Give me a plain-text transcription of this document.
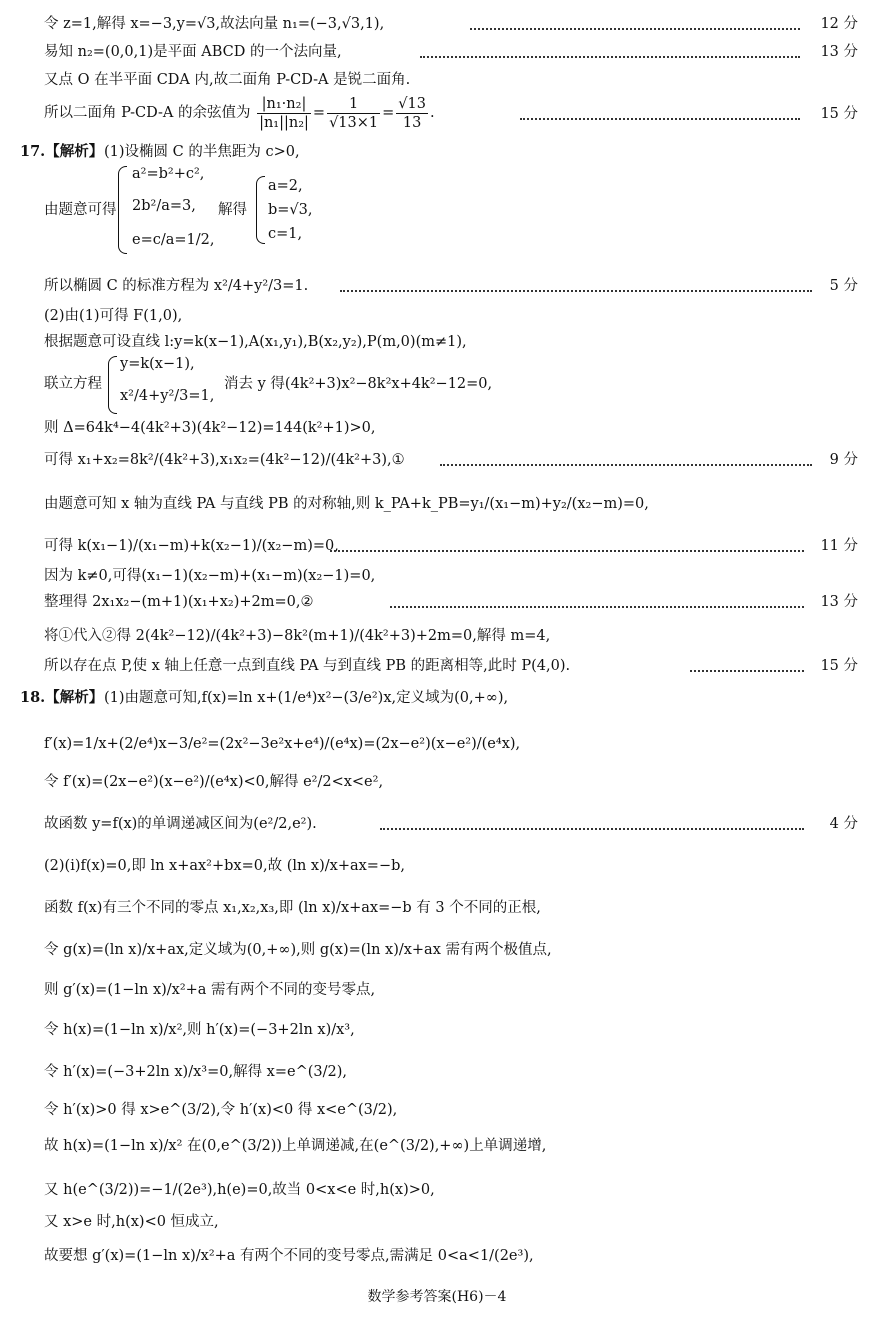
令 z=1,解得 x=−3,y=√3,故法向量 n₁=(−3,√3,1),	12 分
易知 n₂=(0,0,1)是平面 ABCD 的一个法向量,	13 分
又点 O 在半平面 CDA 内,故二面角 P-CD-A 是锐二面角.
所以二面角 P-CD-A 的余弦值为 $\frac{\text{|n₁·n₂|}}{\text{|n₁||n₂|}} = \frac{1}{√13\times 1} = \frac{√13}{13}$ .	15 分
17.【解析】 (1)设椭圆 C 的半焦距为 c>0,
由题意可得
a²=b²+c²,
2b²/a=3,
e=c/a=1/2,
解得
a=2,
b=√3,
c=1,
所以椭圆 C 的标准方程为 x²/4+y²/3=1.	5 分
(2)由(1)可得 F(1,0),
根据题意可设直线 l:y=k(x−1),A(x₁,y₁),B(x₂,y₂),P(m,0)(m≠1),
联立方程
y=k(x−1),
x²/4+y²/3=1,
消去 y 得(4k²+3)x²−8k²x+4k²−12=0,
则 Δ=64k⁴−4(4k²+3)(4k²−12)=144(k²+1)>0,
可得 x₁+x₂=8k²/(4k²+3),x₁x₂=(4k²−12)/(4k²+3),①	9 分
由题意可知 x 轴为直线 PA 与直线 PB 的对称轴,则 k_PA+k_PB=y₁/(x₁−m)+y₂/(x₂−m)=0,
可得 k(x₁−1)/(x₁−m)+k(x₂−1)/(x₂−m)=0,	11 分
因为 k≠0,可得(x₁−1)(x₂−m)+(x₁−m)(x₂−1)=0,
整理得 2x₁x₂−(m+1)(x₁+x₂)+2m=0,②	13 分
将①代入②得 2(4k²−12)/(4k²+3)−8k²(m+1)/(4k²+3)+2m=0,解得 m=4,
所以存在点 P,使 x 轴上任意一点到直线 PA 与到直线 PB 的距离相等,此时 P(4,0).	15 分
18.【解析】 (1)由题意可知,f(x)=ln x+(1/e⁴)x²−(3/e²)x,定义域为(0,+∞),
f′(x)=1/x+(2/e⁴)x−3/e²=(2x²−3e²x+e⁴)/(e⁴x)=(2x−e²)(x−e²)/(e⁴x),
令 f′(x)=(2x−e²)(x−e²)/(e⁴x)<0,解得 e²/2<x<e²,
故函数 y=f(x)的单调递减区间为(e²/2,e²).	4 分
(2)(ⅰ)f(x)=0,即 ln x+ax²+bx=0,故 (ln x)/x+ax=−b,
函数 f(x)有三个不同的零点 x₁,x₂,x₃,即 (ln x)/x+ax=−b 有 3 个不同的正根,
令 g(x)=(ln x)/x+ax,定义域为(0,+∞),则 g(x)=(ln x)/x+ax 需有两个极值点,
则 g′(x)=(1−ln x)/x²+a 需有两个不同的变号零点,
令 h(x)=(1−ln x)/x²,则 h′(x)=(−3+2ln x)/x³,
令 h′(x)=(−3+2ln x)/x³=0,解得 x=e^(3/2),
令 h′(x)>0 得 x>e^(3/2),令 h′(x)<0 得 x<e^(3/2),
故 h(x)=(1−ln x)/x² 在(0,e^(3/2))上单调递减,在(e^(3/2),+∞)上单调递增,
又 h(e^(3/2))=−1/(2e³),h(e)=0,故当 0<x<e 时,h(x)>0,
又 x>e 时,h(x)<0 恒成立,
故要想 g′(x)=(1−ln x)/x²+a 有两个不同的变号零点,需满足 0<a<1/(2e³),
数学参考答案(H6)－4
